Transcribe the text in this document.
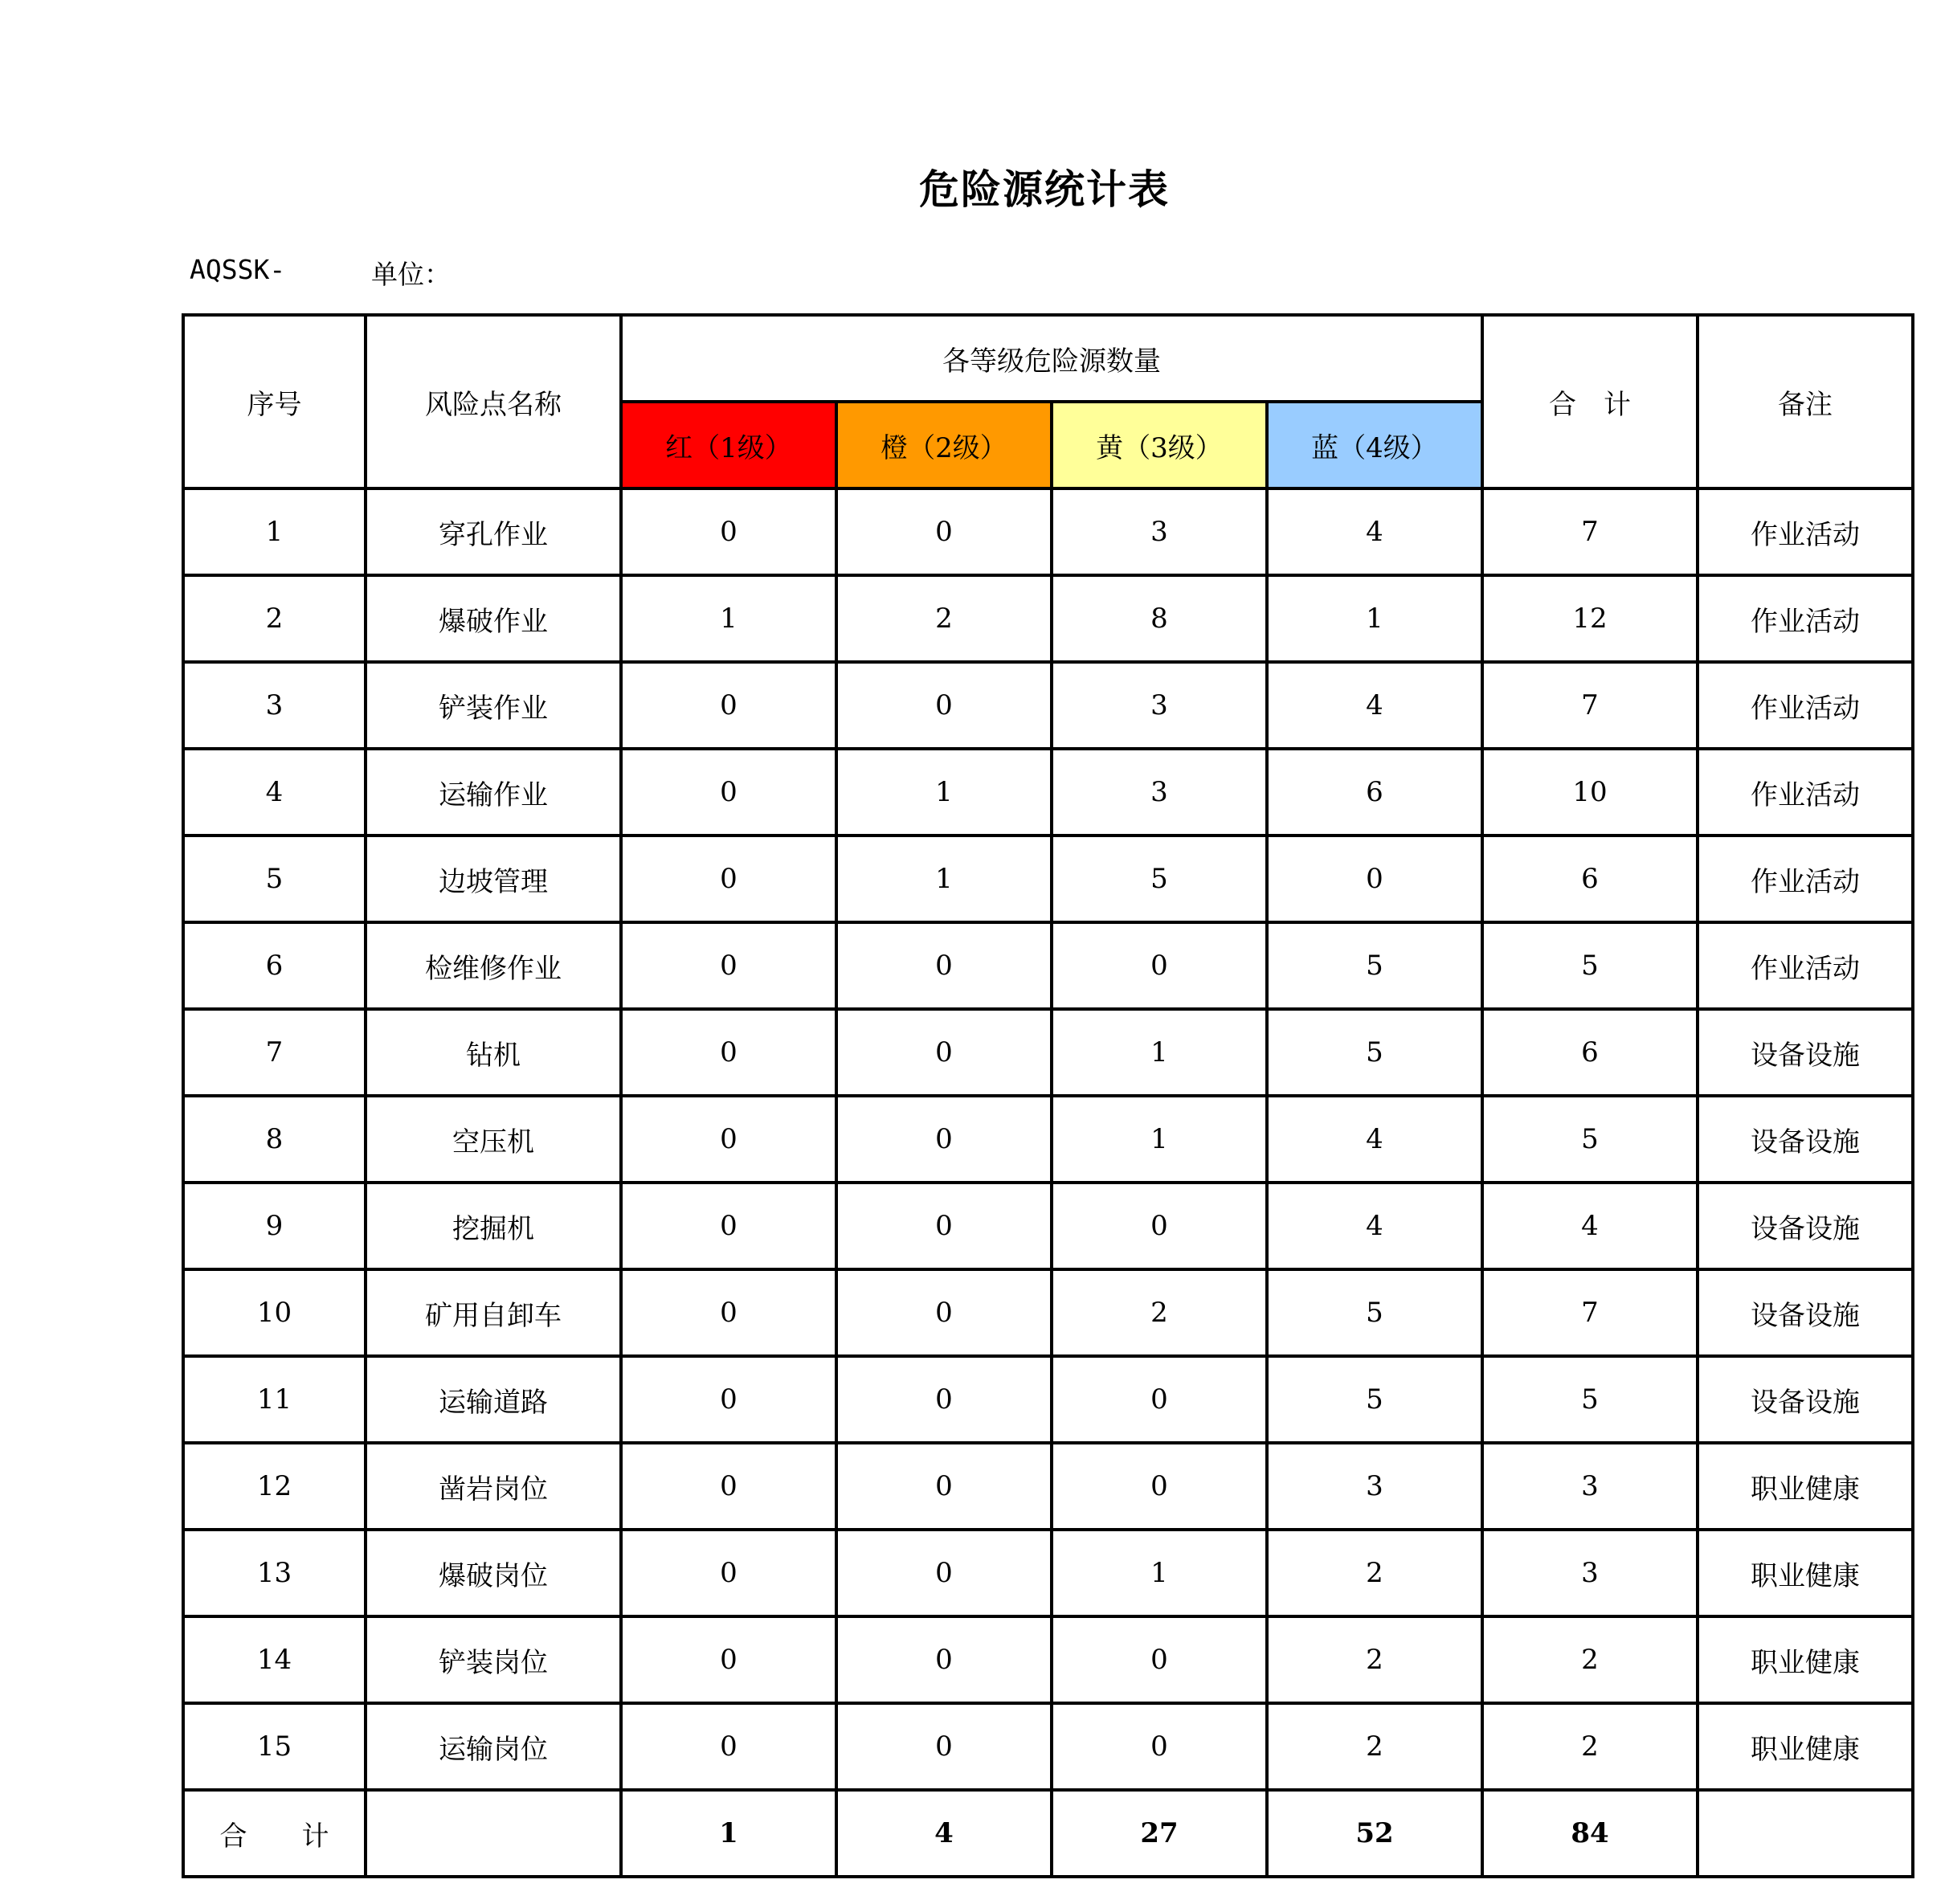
危险源统计表
AQSSK-	单位：
序号	风险点名称	各等级危险源数量				合　计	备注
		红（1级）	橙（2级）	黄（3级）	蓝（4级）		
1	穿孔作业	0	0	3	4	7	作业活动
2	爆破作业	1	2	8	1	12	作业活动
3	铲装作业	0	0	3	4	7	作业活动
4	运输作业	0	1	3	6	10	作业活动
5	边坡管理	0	1	5	0	6	作业活动
6	检维修作业	0	0	0	5	5	作业活动
7	钻机	0	0	1	5	6	设备设施
8	空压机	0	0	1	4	5	设备设施
9	挖掘机	0	0	0	4	4	设备设施
10	矿用自卸车	0	0	2	5	7	设备设施
11	运输道路	0	0	0	5	5	设备设施
12	凿岩岗位	0	0	0	3	3	职业健康
13	爆破岗位	0	0	1	2	3	职业健康
14	铲装岗位	0	0	0	2	2	职业健康
15	运输岗位	0	0	0	2	2	职业健康
合　　计		1	4	27	52	84	
